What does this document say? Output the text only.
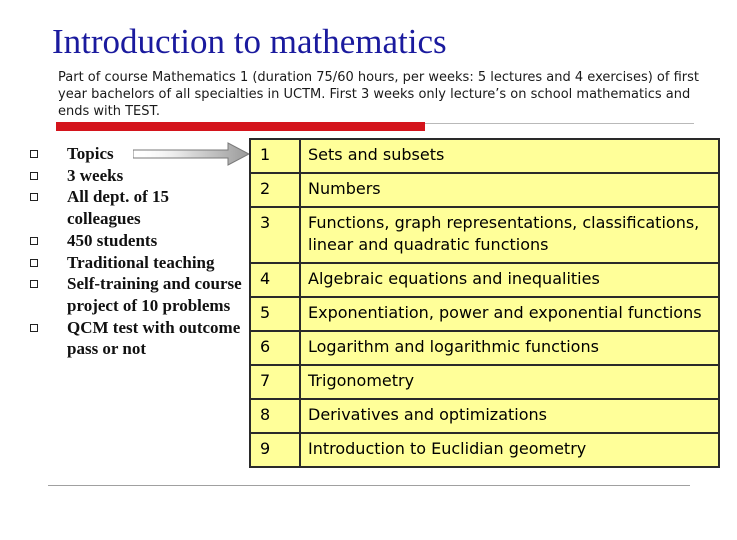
Introduction to mathematics
Part of course Mathematics 1 (duration 75/60 hours, per weeks: 5 lectures and 4 exercises) of first year bachelors of all specialties in UCTM. First 3 weeks only lecture’s on school mathematics and ends with TEST.
Topics
3 weeks
All dept. of 15 colleagues
450 students
Traditional teaching
Self-training and course project of 10 problems
QCM test with outcome pass or not
1	Sets and subsets
2	Numbers
3	Functions, graph representations, classifications, linear and quadratic functions
4	Algebraic equations and inequalities
5	Exponentiation, power and exponential functions
6	Logarithm and logarithmic functions
7	Trigonometry
8	Derivatives and optimizations
9	Introduction to Euclidian geometry
